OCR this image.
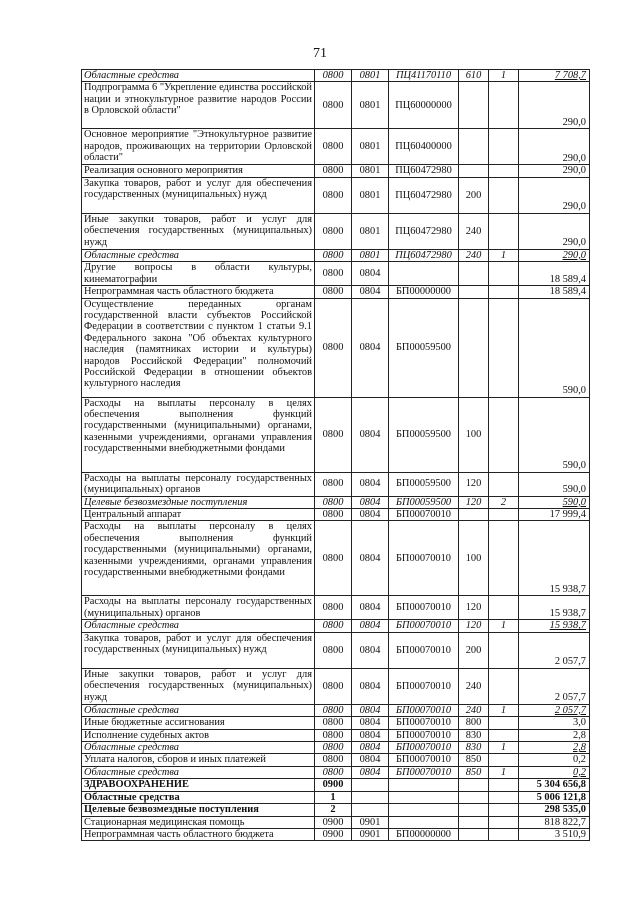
71
Областные средства	0800	0801	ПЦ41170110	610	1	7 708,7
Подпрограмма 6 "Укрепление единства российской нации и этнокультурное развитие народов России в Орловской области"	0800	0801	ПЦ60000000			290,0
Основное мероприятие "Этнокультурное развитие народов, проживающих на территории Орловской области"	0800	0801	ПЦ60400000			290,0
Реализация основного мероприятия	0800	0801	ПЦ60472980			290,0
Закупка товаров, работ и услуг для обеспечения государственных (муниципальных) нужд	0800	0801	ПЦ60472980	200		290,0
Иные закупки товаров, работ и услуг для обеспечения государственных (муниципальных) нужд	0800	0801	ПЦ60472980	240		290,0
Областные средства	0800	0801	ПЦ60472980	240	1	290,0
Другие вопросы в области культуры, кинематографии	0800	0804				18 589,4
Непрограммная часть областного бюджета	0800	0804	БП00000000			18 589,4
Осуществление переданных органам государственной власти субъектов Российской Федерации в соответствии с пунктом 1 статьи 9.1 Федерального закона "Об объектах культурного наследия (памятниках истории и культуры) народов Российской Федерации" полномочий Российской Федерации в отношении объектов культурного наследия	0800	0804	БП00059500			590,0
Расходы на выплаты персоналу в целях обеспечения выполнения функций государственными (муниципальными) органами, казенными учреждениями, органами управления государственными внебюджетными фондами	0800	0804	БП00059500	100		590,0
Расходы на выплаты персоналу государственных (муниципальных) органов	0800	0804	БП00059500	120		590,0
Целевые безвозмездные поступления	0800	0804	БП00059500	120	2	590,0
Центральный аппарат	0800	0804	БП00070010			17 999,4
Расходы на выплаты персоналу в целях обеспечения выполнения функций государственными (муниципальными) органами, казенными учреждениями, органами управления государственными внебюджетными фондами	0800	0804	БП00070010	100		15 938,7
Расходы на выплаты персоналу государственных (муниципальных) органов	0800	0804	БП00070010	120		15 938,7
Областные средства	0800	0804	БП00070010	120	1	15 938,7
Закупка товаров, работ и услуг для обеспечения государственных (муниципальных) нужд	0800	0804	БП00070010	200		2 057,7
Иные закупки товаров, работ и услуг для обеспечения государственных (муниципальных) нужд	0800	0804	БП00070010	240		2 057,7
Областные средства	0800	0804	БП00070010	240	1	2 057,7
Иные бюджетные ассигнования	0800	0804	БП00070010	800		3,0
Исполнение судебных актов	0800	0804	БП00070010	830		2,8
Областные средства	0800	0804	БП00070010	830	1	2,8
Уплата налогов, сборов и иных платежей	0800	0804	БП00070010	850		0,2
Областные средства	0800	0804	БП00070010	850	1	0,2
ЗДРАВООХРАНЕНИЕ	0900					5 304 656,8
Областные средства	1					5 006 121,8
Целевые безвозмездные поступления	2					298 535,0
Стационарная медицинская помощь	0900	0901				818 822,7
Непрограммная часть областного бюджета	0900	0901	БП00000000			3 510,9
